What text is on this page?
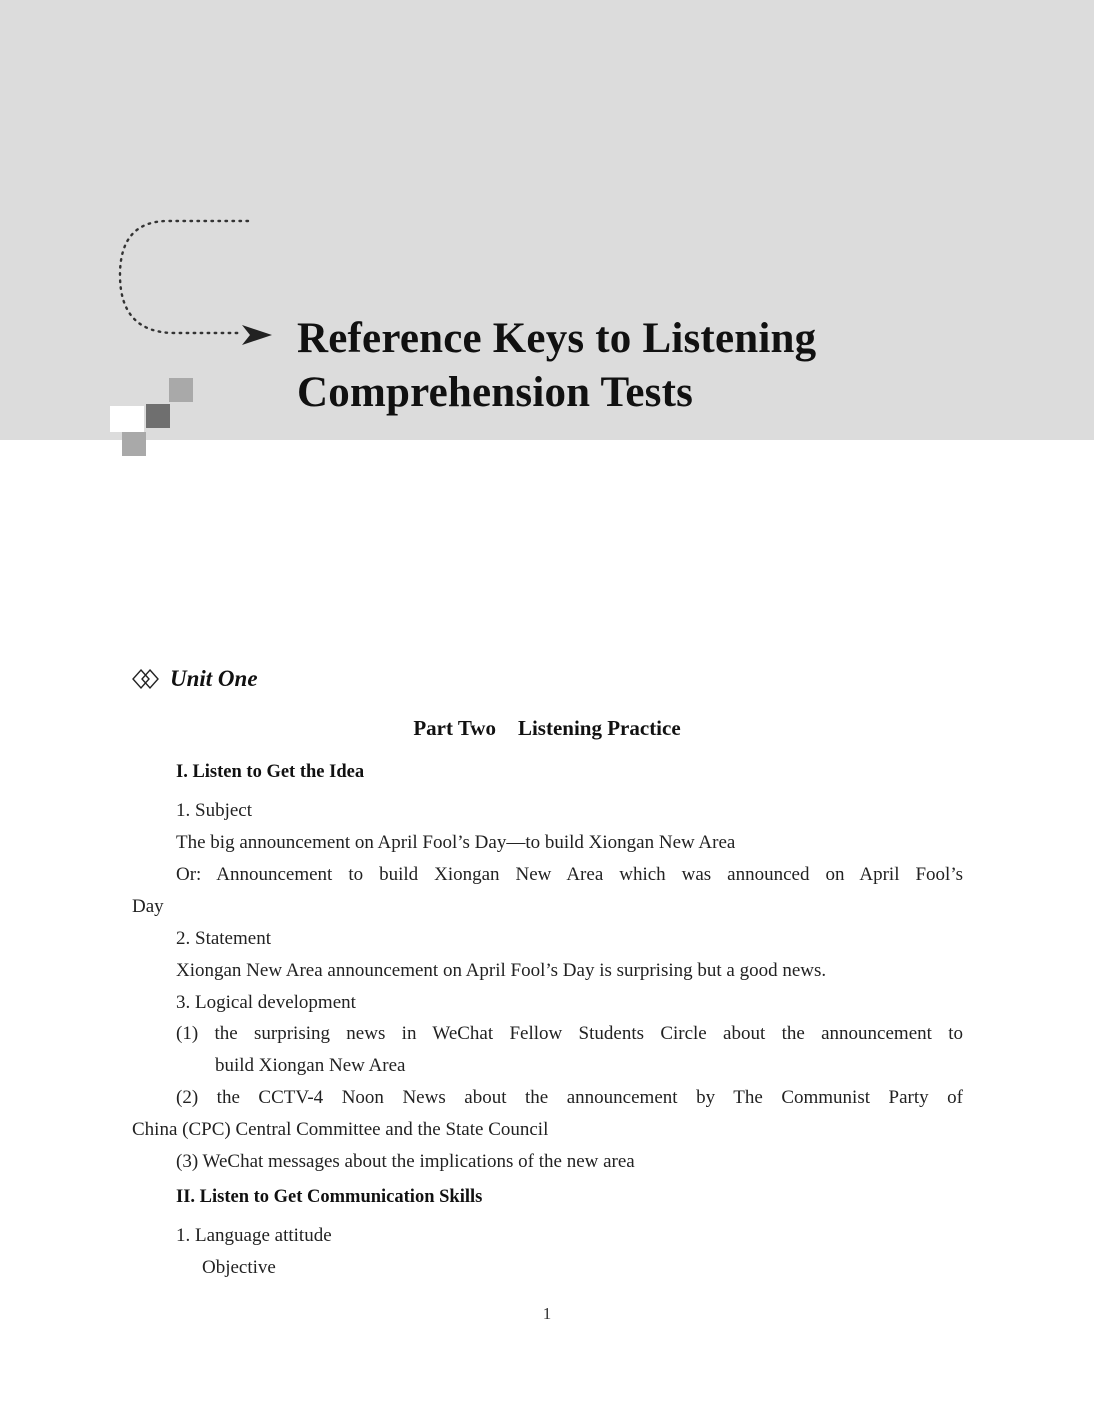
Reference Keys to Listening
Comprehension Tests
Unit One
Part Two Listening Practice
I. Listen to Get the Idea
1. Subject
The big announcement on April Fool’s Day—to build Xiongan New Area
Or: Announcement to build Xiongan New Area which was announced on April Fool’s
Day
2. Statement
Xiongan New Area announcement on April Fool’s Day is surprising but a good news.
3. Logical development
(1) the surprising news in WeChat Fellow Students Circle about the announcement to
build Xiongan New Area
(2) the CCTV-4 Noon News about the announcement by The Communist Party of
China (CPC) Central Committee and the State Council
(3) WeChat messages about the implications of the new area
II. Listen to Get Communication Skills
1. Language attitude
Objective
1
